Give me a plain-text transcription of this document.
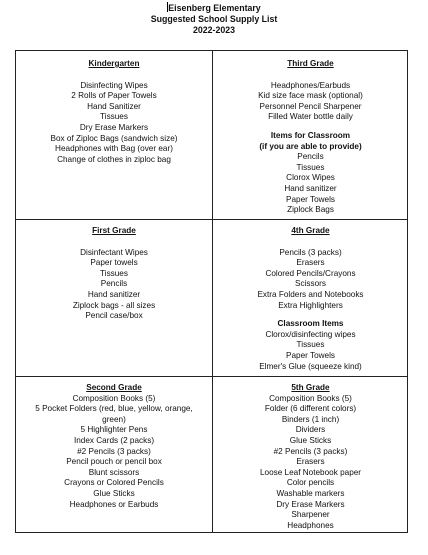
Eisenberg Elementary
Suggested School Supply List
2022-2023
Kindergarten
Disinfecting Wipes
2 Rolls of Paper Towels
Hand Sanitizer
Tissues
Dry Erase Markers
Box of Ziploc Bags (sandwich size)
Headphones with Bag (over ear)
Change of clothes in ziploc bag
Third Grade
Headphones/Earbuds
Kid size face mask (optional)
Personnel Pencil Sharpener
Filled Water bottle daily
Items for Classroom
(if you are able to provide)
Pencils
Tissues
Clorox Wipes
Hand sanitizer
Paper Towels
Ziplock Bags
First Grade
Disinfectant Wipes
Paper towels
Tissues
Pencils
Hand sanitizer
Ziplock bags - all sizes
Pencil case/box
4th Grade
Pencils (3 packs)
Erasers
Colored Pencils/Crayons
Scissors
Extra Folders and Notebooks
Extra Highlighters
Classroom Items
Clorox/disinfecting wipes
Tissues
Paper Towels
Elmer's Glue (squeeze kind)
Second Grade
Composition Books (5)
5 Pocket Folders (red, blue, yellow, orange,
green)
5 Highlighter Pens
Index Cards (2 packs)
#2 Pencils (3 packs)
Pencil pouch or pencil box
Blunt scissors
Crayons or Colored Pencils
Glue Sticks
Headphones or Earbuds
5th Grade
Composition Books (5)
Folder (6 different colors)
Binders (1 inch)
Dividers
Glue Sticks
#2 Pencils (3 packs)
Erasers
Loose Leaf Notebook paper
Color pencils
Washable markers
Dry Erase Markers
Sharpener
Headphones
